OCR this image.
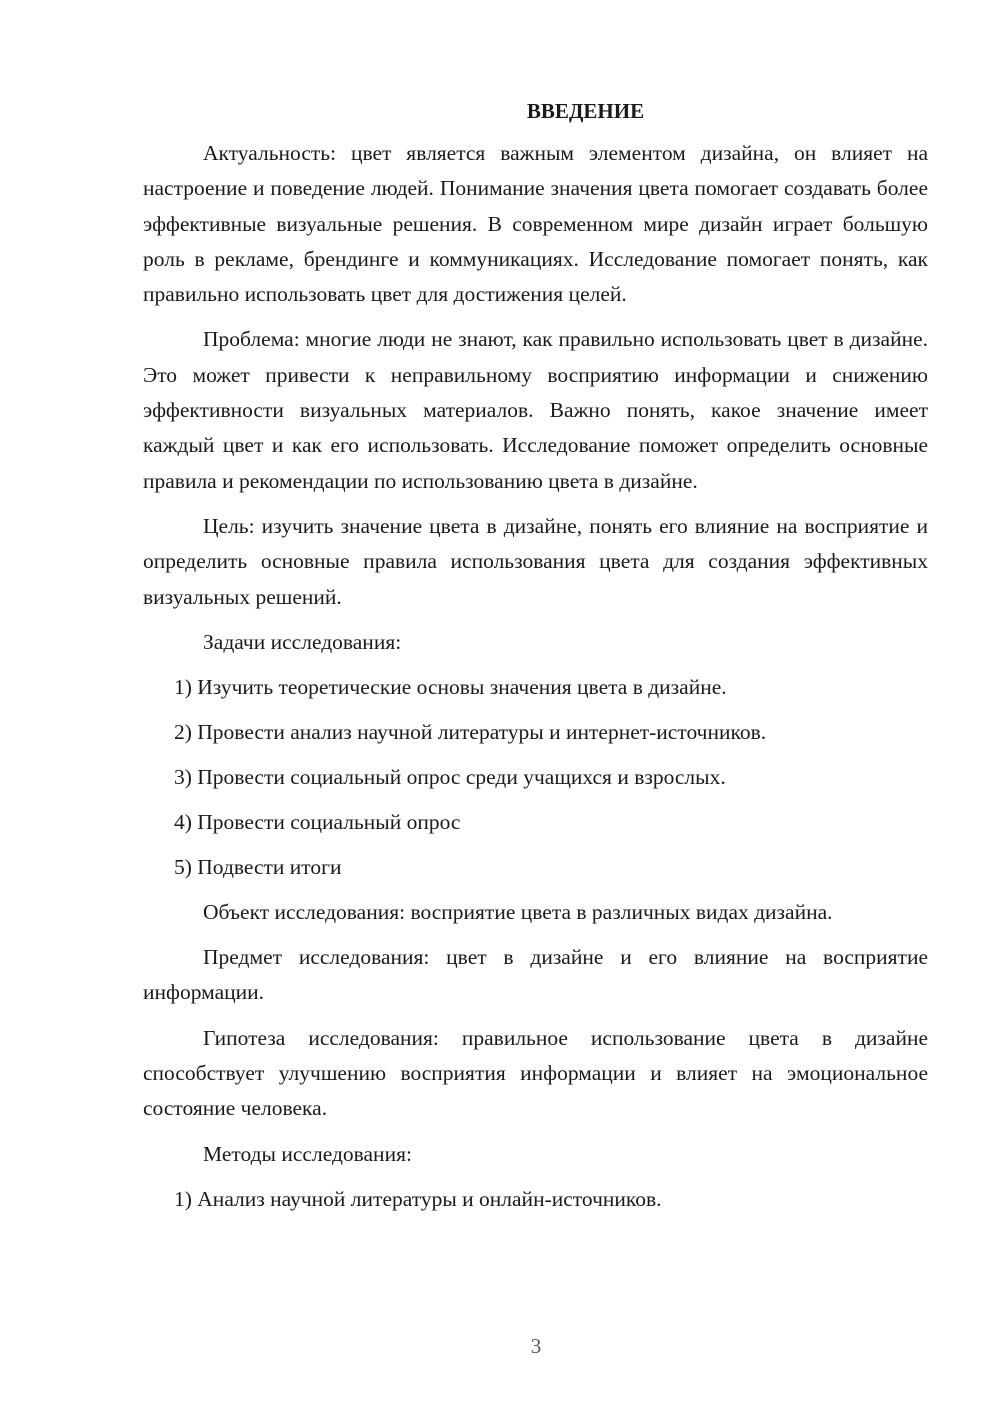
ВВЕДЕНИЕ
Актуальность: цвет является важным элементом дизайна, он влияет на настроение и поведение людей. Понимание значения цвета помогает создавать более эффективные визуальные решения. В современном мире дизайн играет большую роль в рекламе, брендинге и коммуникациях. Исследование помогает понять, как правильно использовать цвет для достижения целей.
Проблема: многие люди не знают, как правильно использовать цвет в дизайне. Это может привести к неправильному восприятию информации и снижению эффективности визуальных материалов. Важно понять, какое значение имеет каждый цвет и как его использовать. Исследование поможет определить основные правила и рекомендации по использованию цвета в дизайне.
Цель: изучить значение цвета в дизайне, понять его влияние на восприятие и определить основные правила использования цвета для создания эффективных визуальных решений.
Задачи исследования:
1) Изучить теоретические основы значения цвета в дизайне.
2) Провести анализ научной литературы и интернет-источников.
3) Провести социальный опрос среди учащихся и взрослых.
4) Провести социальный опрос
5) Подвести итоги
Объект исследования: восприятие цвета в различных видах дизайна.
Предмет исследования: цвет в дизайне и его влияние на восприятие информации.
Гипотеза исследования: правильное использование цвета в дизайне способствует улучшению восприятия информации и влияет на эмоциональное состояние человека.
Методы исследования:
1) Анализ научной литературы и онлайн-источников.
3
